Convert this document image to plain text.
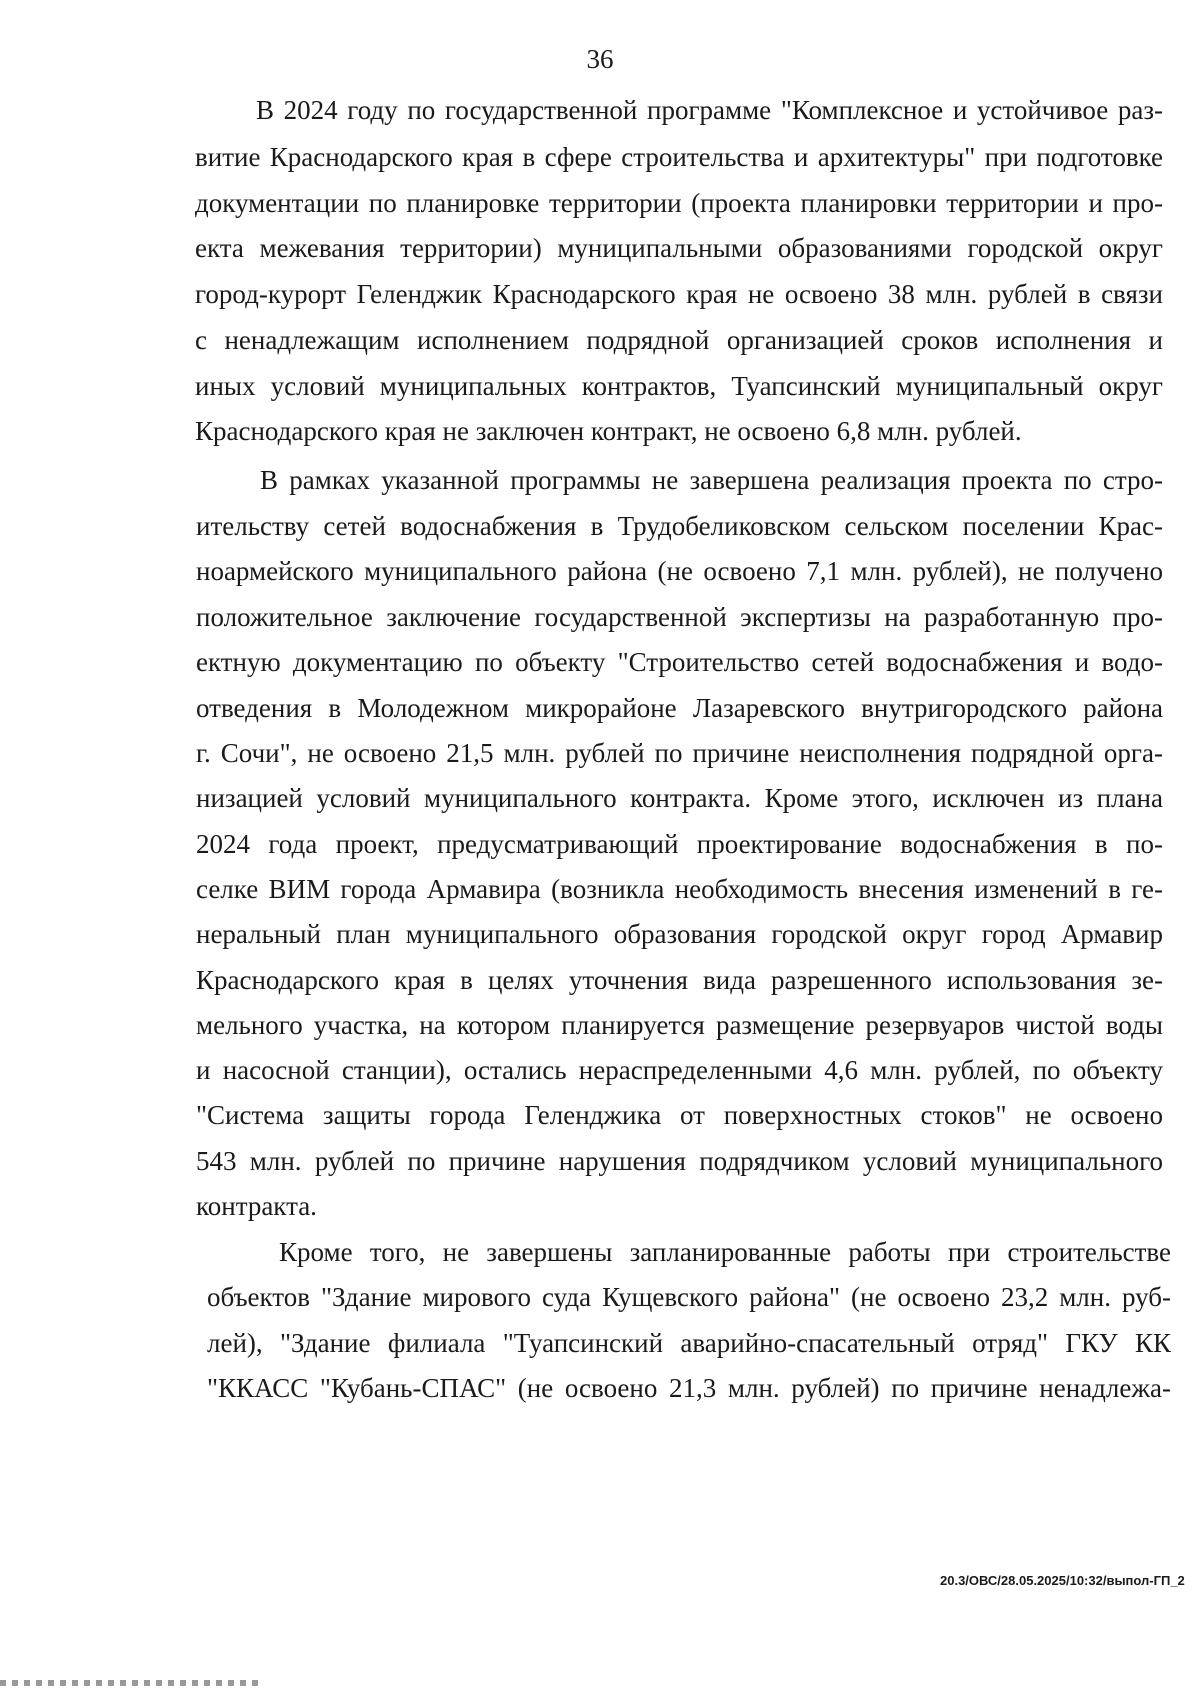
36
В 2024 году по государственной программе "Комплексное и устойчивое раз-
витие Краснодарского края в сфере строительства и архитектуры" при подготовке
документации по планировке территории (проекта планировки территории и про-
екта межевания территории) муниципальными образованиями городской округ
город-курорт Геленджик Краснодарского края не освоено 38 млн. рублей в связи
с ненадлежащим исполнением подрядной организацией сроков исполнения и
иных условий муниципальных контрактов, Туапсинский муниципальный округ
Краснодарского края не заключен контракт, не освоено 6,8 млн. рублей.
В рамках указанной программы не завершена реализация проекта по стро-
ительству сетей водоснабжения в Трудобеликовском сельском поселении Крас-
ноармейского муниципального района (не освоено 7,1 млн. рублей), не получено
положительное заключение государственной экспертизы на разработанную про-
ектную документацию по объекту "Строительство сетей водоснабжения и водо-
отведения в Молодежном микрорайоне Лазаревского внутригородского района
г. Сочи", не освоено 21,5 млн. рублей по причине неисполнения подрядной орга-
низацией условий муниципального контракта. Кроме этого, исключен из плана
2024 года проект, предусматривающий проектирование водоснабжения в по-
селке ВИМ города Армавира (возникла необходимость внесения изменений в ге-
неральный план муниципального образования городской округ город Армавир
Краснодарского края в целях уточнения вида разрешенного использования зе-
мельного участка, на котором планируется размещение резервуаров чистой воды
и насосной станции), остались нераспределенными 4,6 млн. рублей, по объекту
"Система защиты города Геленджика от поверхностных стоков" не освоено
543 млн. рублей по причине нарушения подрядчиком условий муниципального
контракта.
Кроме того, не завершены запланированные работы при строительстве
объектов "Здание мирового суда Кущевского района" (не освоено 23,2 млн. руб-
лей), "Здание филиала "Туапсинский аварийно-спасательный отряд" ГКУ КК
"ККАСС "Кубань-СПАС" (не освоено 21,3 млн. рублей) по причине ненадлежа-
20.3/ОВС/28.05.2025/10:32/выпол-ГП_2
